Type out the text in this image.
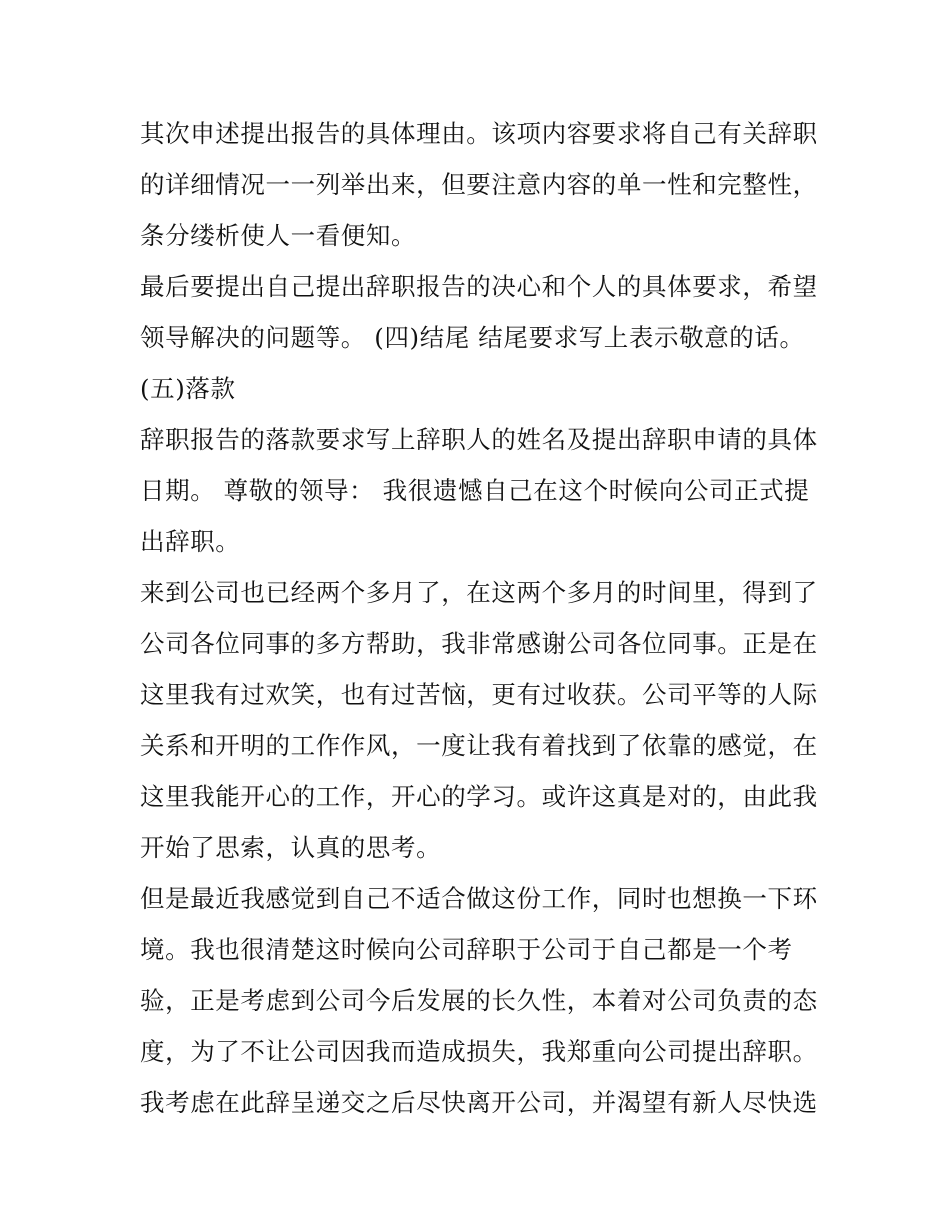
其次申述提出报告的具体理由。该项内容要求将自己有关辞职
的详细情况一一列举出来，但要注意内容的单一性和完整性，
条分缕析使人一看便知。
最后要提出自己提出辞职报告的决心和个人的具体要求，希望
领导解决的问题等。 (四)结尾 结尾要求写上表示敬意的话。
(五)落款
辞职报告的落款要求写上辞职人的姓名及提出辞职申请的具体
日期。 尊敬的领导： 我很遗憾自己在这个时候向公司正式提
出辞职。
来到公司也已经两个多月了，在这两个多月的时间里，得到了
公司各位同事的多方帮助，我非常感谢公司各位同事。正是在
这里我有过欢笑，也有过苦恼，更有过收获。公司平等的人际
关系和开明的工作作风，一度让我有着找到了依靠的感觉，在
这里我能开心的工作，开心的学习。或许这真是对的，由此我
开始了思索，认真的思考。
但是最近我感觉到自己不适合做这份工作，同时也想换一下环
境。我也很清楚这时候向公司辞职于公司于自己都是一个考
验，正是考虑到公司今后发展的长久性，本着对公司负责的态
度，为了不让公司因我而造成损失，我郑重向公司提出辞职。
我考虑在此辞呈递交之后尽快离开公司，并渴望有新人尽快选
